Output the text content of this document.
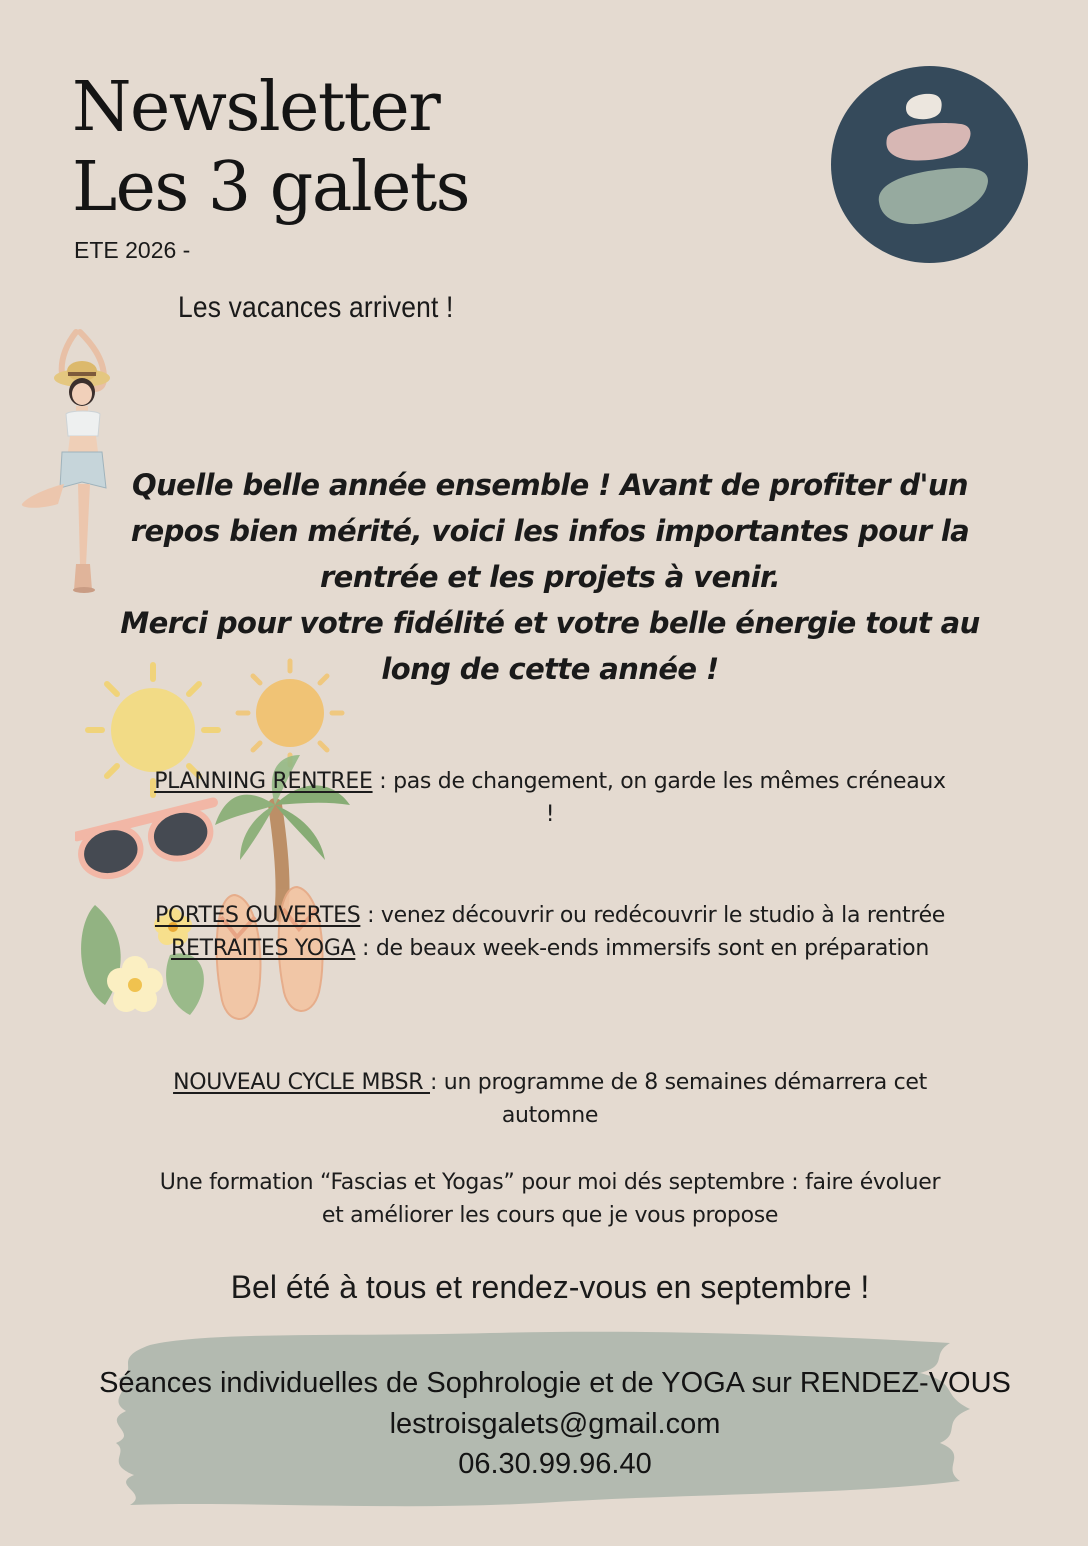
Newsletter
Les 3 galets
ETE 2026 -
Les vacances arrivent !

Quelle belle année ensemble ! Avant de profiter d'un repos bien mérité, voici les infos importantes pour la rentrée et les projets à venir.

Merci pour votre fidélité et votre belle énergie tout au long de cette année !

PLANNING RENTREE : pas de changement, on garde les mêmes créneaux !

PORTES OUVERTES : venez découvrir ou redécouvrir le studio à la rentrée

RETRAITES YOGA : de beaux week-ends immersifs sont en préparation

NOUVEAU CYCLE MBSR : un programme de 8 semaines démarrera cet automne

Une formation “Fascias et Yogas” pour moi dés septembre : faire évoluer et améliorer les cours que je vous propose

Bel été à tous et rendez-vous en septembre !
Séances individuelles de Sophrologie et de YOGA sur RENDEZ-VOUS
lestroisgalets@gmail.com
06.30.99.96.40
